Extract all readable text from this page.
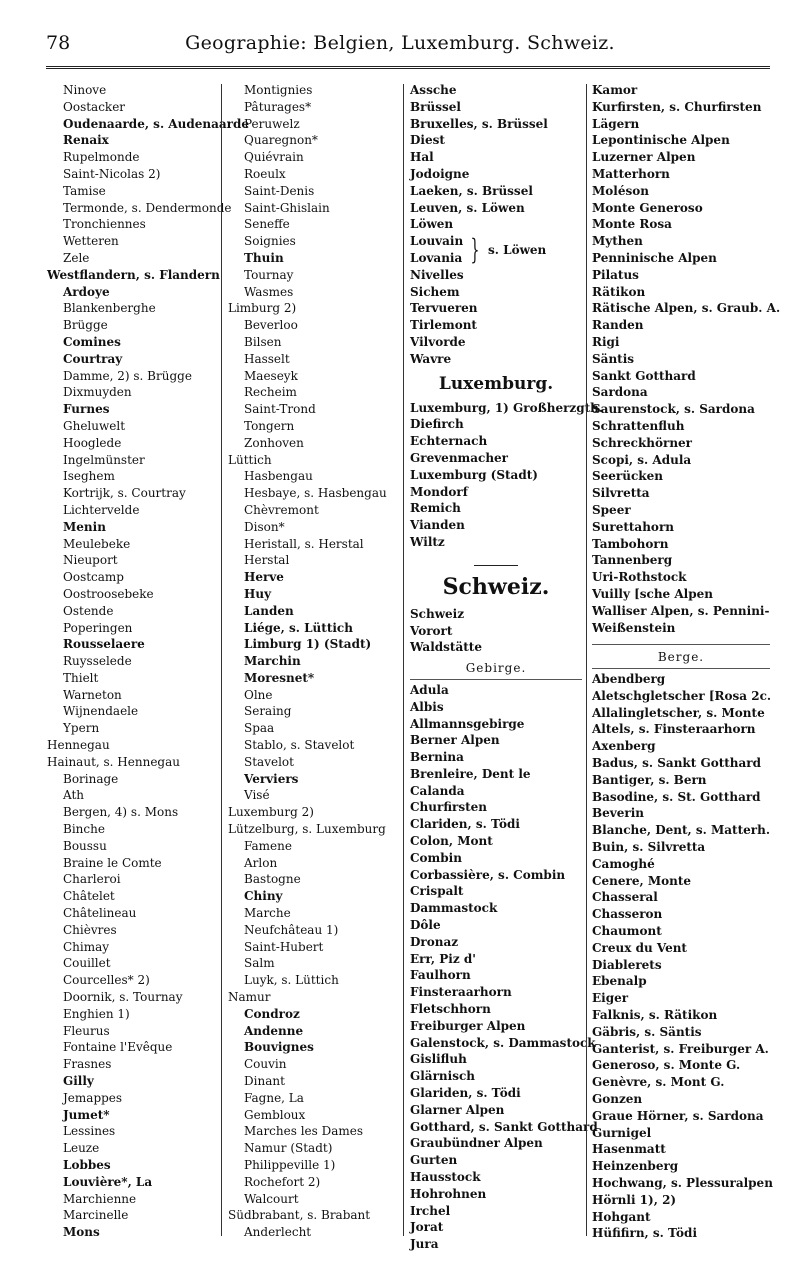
78	Geographie: Belgien, Luxemburg. Schweiz.
Ninove
Oostacker
Oudenaarde, s. Audenaarde
Renaix
Rupelmonde
Saint-Nicolas 2)
Tamise
Termonde, s. Dendermonde
Tronchiennes
Wetteren
Zele
Westflandern, s. Flandern
Ardoye
Blankenberghe
Brügge
Comines
Courtray
Damme, 2) s. Brügge
Dixmuyden
Furnes
Gheluwelt
Hooglede
Ingelmünster
Iseghem
Kortrijk, s. Courtray
Lichtervelde
Menin
Meulebeke
Nieuport
Oostcamp
Oostroosebeke
Ostende
Poperingen
Rousselaere
Ruysselede
Thielt
Warneton
Wijnendaele
Ypern
Hennegau
Hainaut, s. Hennegau
Borinage
Ath
Bergen, 4) s. Mons
Binche
Boussu
Braine le Comte
Charleroi
Châtelet
Châtelineau
Chièvres
Chimay
Couillet
Courcelles* 2)
Doornik, s. Tournay
Enghien 1)
Fleurus
Fontaine l'Evêque
Frasnes
Gilly
Jemappes
Jumet*
Lessines
Leuze
Lobbes
Louvière*, La
Marchienne
Marcinelle
Mons
Montignies
Pâturages*
Peruwelz
Quaregnon*
Quiévrain
Roeulx
Saint-Denis
Saint-Ghislain
Seneffe
Soignies
Thuin
Tournay
Wasmes
Limburg 2)
Beverloo
Bilsen
Hasselt
Maeseyk
Recheim
Saint-Trond
Tongern
Zonhoven
Lüttich
Hasbengau
Hesbaye, s. Hasbengau
Chèvremont
Dison*
Heristall, s. Herstal
Herstal
Herve
Huy
Landen
Liége, s. Lüttich
Limburg 1) (Stadt)
Marchin
Moresnet*
Olne
Seraing
Spaa
Stablo, s. Stavelot
Stavelot
Verviers
Visé
Luxemburg 2)
Lützelburg, s. Luxemburg
Famene
Arlon
Bastogne
Chiny
Marche
Neufchâteau 1)
Saint-Hubert
Salm
Luyk, s. Lüttich
Namur
Condroz
Andenne
Bouvignes
Couvin
Dinant
Fagne, La
Gembloux
Marches les Dames
Namur (Stadt)
Philippeville 1)
Rochefort 2)
Walcourt
Südbrabant, s. Brabant
Anderlecht
Assche
Brüssel
Bruxelles, s. Brüssel
Diest
Hal
Jodoigne
Laeken, s. Brüssel
Leuven, s. Löwen
Löwen
Louvain
Lovania } s. Löwen
Nivelles
Sichem
Tervueren
Tirlemont
Vilvorde
Wavre
Luxemburg.
Luxemburg, 1) Großherzgth.
Diefirch
Echternach
Grevenmacher
Luxemburg (Stadt)
Mondorf
Remich
Vianden
Wiltz
Schweiz.
Schweiz
Vorort
Waldstätte
Gebirge.
Adula
Albis
Allmannsgebirge
Berner Alpen
Bernina
Brenleire, Dent le
Calanda
Churfirsten
Clariden, s. Tödi
Colon, Mont
Combin
Corbassière, s. Combin
Crispalt
Dammastock
Dôle
Dronaz
Err, Piz d'
Faulhorn
Finsteraarhorn
Fletschhorn
Freiburger Alpen
Galenstock, s. Dammastock
Gislifluh
Glärnisch
Glariden, s. Tödi
Glarner Alpen
Gotthard, s. Sankt Gotthard
Graubündner Alpen
Gurten
Hausstock
Hohrohnen
Irchel
Jorat
Jura
Kamor
Kurfirsten, s. Churfirsten
Lägern
Lepontinische Alpen
Luzerner Alpen
Matterhorn
Moléson
Monte Generoso
Monte Rosa
Mythen
Penninische Alpen
Pilatus
Rätikon
Rätische Alpen, s. Graub. A.
Randen
Rigi
Säntis
Sankt Gotthard
Sardona
Saurenstock, s. Sardona
Schrattenfluh
Schreckhörner
Scopi, s. Adula
Seerücken
Silvretta
Speer
Surettahorn
Tambohorn
Tannenberg
Uri-Rothstock
Vuilly [sche Alpen
Walliser Alpen, s. Pennini-
Weißenstein
Berge.
Abendberg
Aletschgletscher [Rosa 2c.
Allalingletscher, s. Monte
Altels, s. Finsteraarhorn
Axenberg
Badus, s. Sankt Gotthard
Bantiger, s. Bern
Basodine, s. St. Gotthard
Beverin
Blanche, Dent, s. Matterh.
Buin, s. Silvretta
Camoghé
Cenere, Monte
Chasseral
Chasseron
Chaumont
Creux du Vent
Diablerets
Ebenalp
Eiger
Falknis, s. Rätikon
Gäbris, s. Säntis
Ganterist, s. Freiburger A.
Generoso, s. Monte G.
Genèvre, s. Mont G.
Gonzen
Graue Hörner, s. Sardona
Gurnigel
Hasenmatt
Heinzenberg
Hochwang, s. Plessuralpen
Hörnli 1), 2)
Hohgant
Hüfifirn, s. Tödi
